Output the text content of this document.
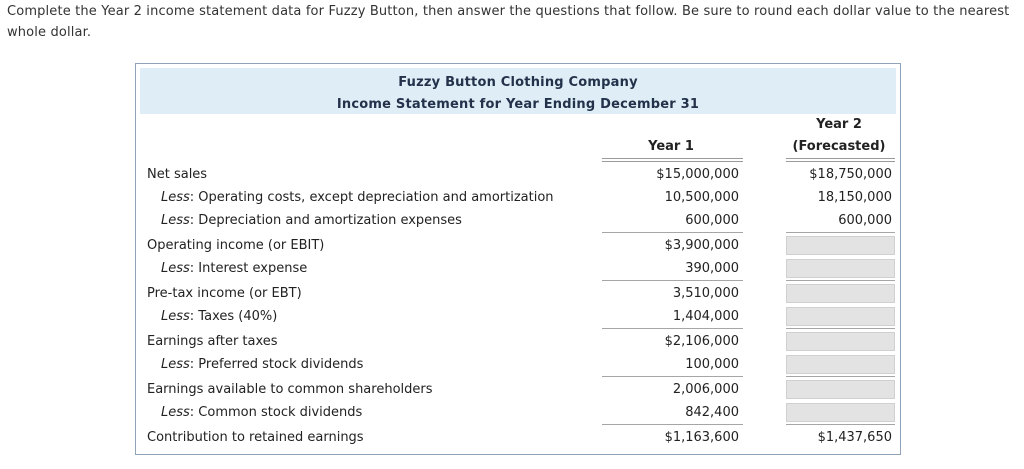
Complete the Year 2 income statement data for Fuzzy Button, then answer the questions that follow. Be sure to round each dollar value to the nearest whole dollar.
Fuzzy Button Clothing Company
Income Statement for Year Ending December 31
Year 1
Year 2
(Forecasted)
Net sales	$15,000,000	$18,750,000
Less: Operating costs, except depreciation and amortization	10,500,000	18,150,000
Less: Depreciation and amortization expenses	600,000	600,000
Operating income (or EBIT)	$3,900,000
Less: Interest expense	390,000
Pre-tax income (or EBT)	3,510,000
Less: Taxes (40%)	1,404,000
Earnings after taxes	$2,106,000
Less: Preferred stock dividends	100,000
Earnings available to common shareholders	2,006,000
Less: Common stock dividends	842,400
Contribution to retained earnings	$1,163,600	$1,437,650
